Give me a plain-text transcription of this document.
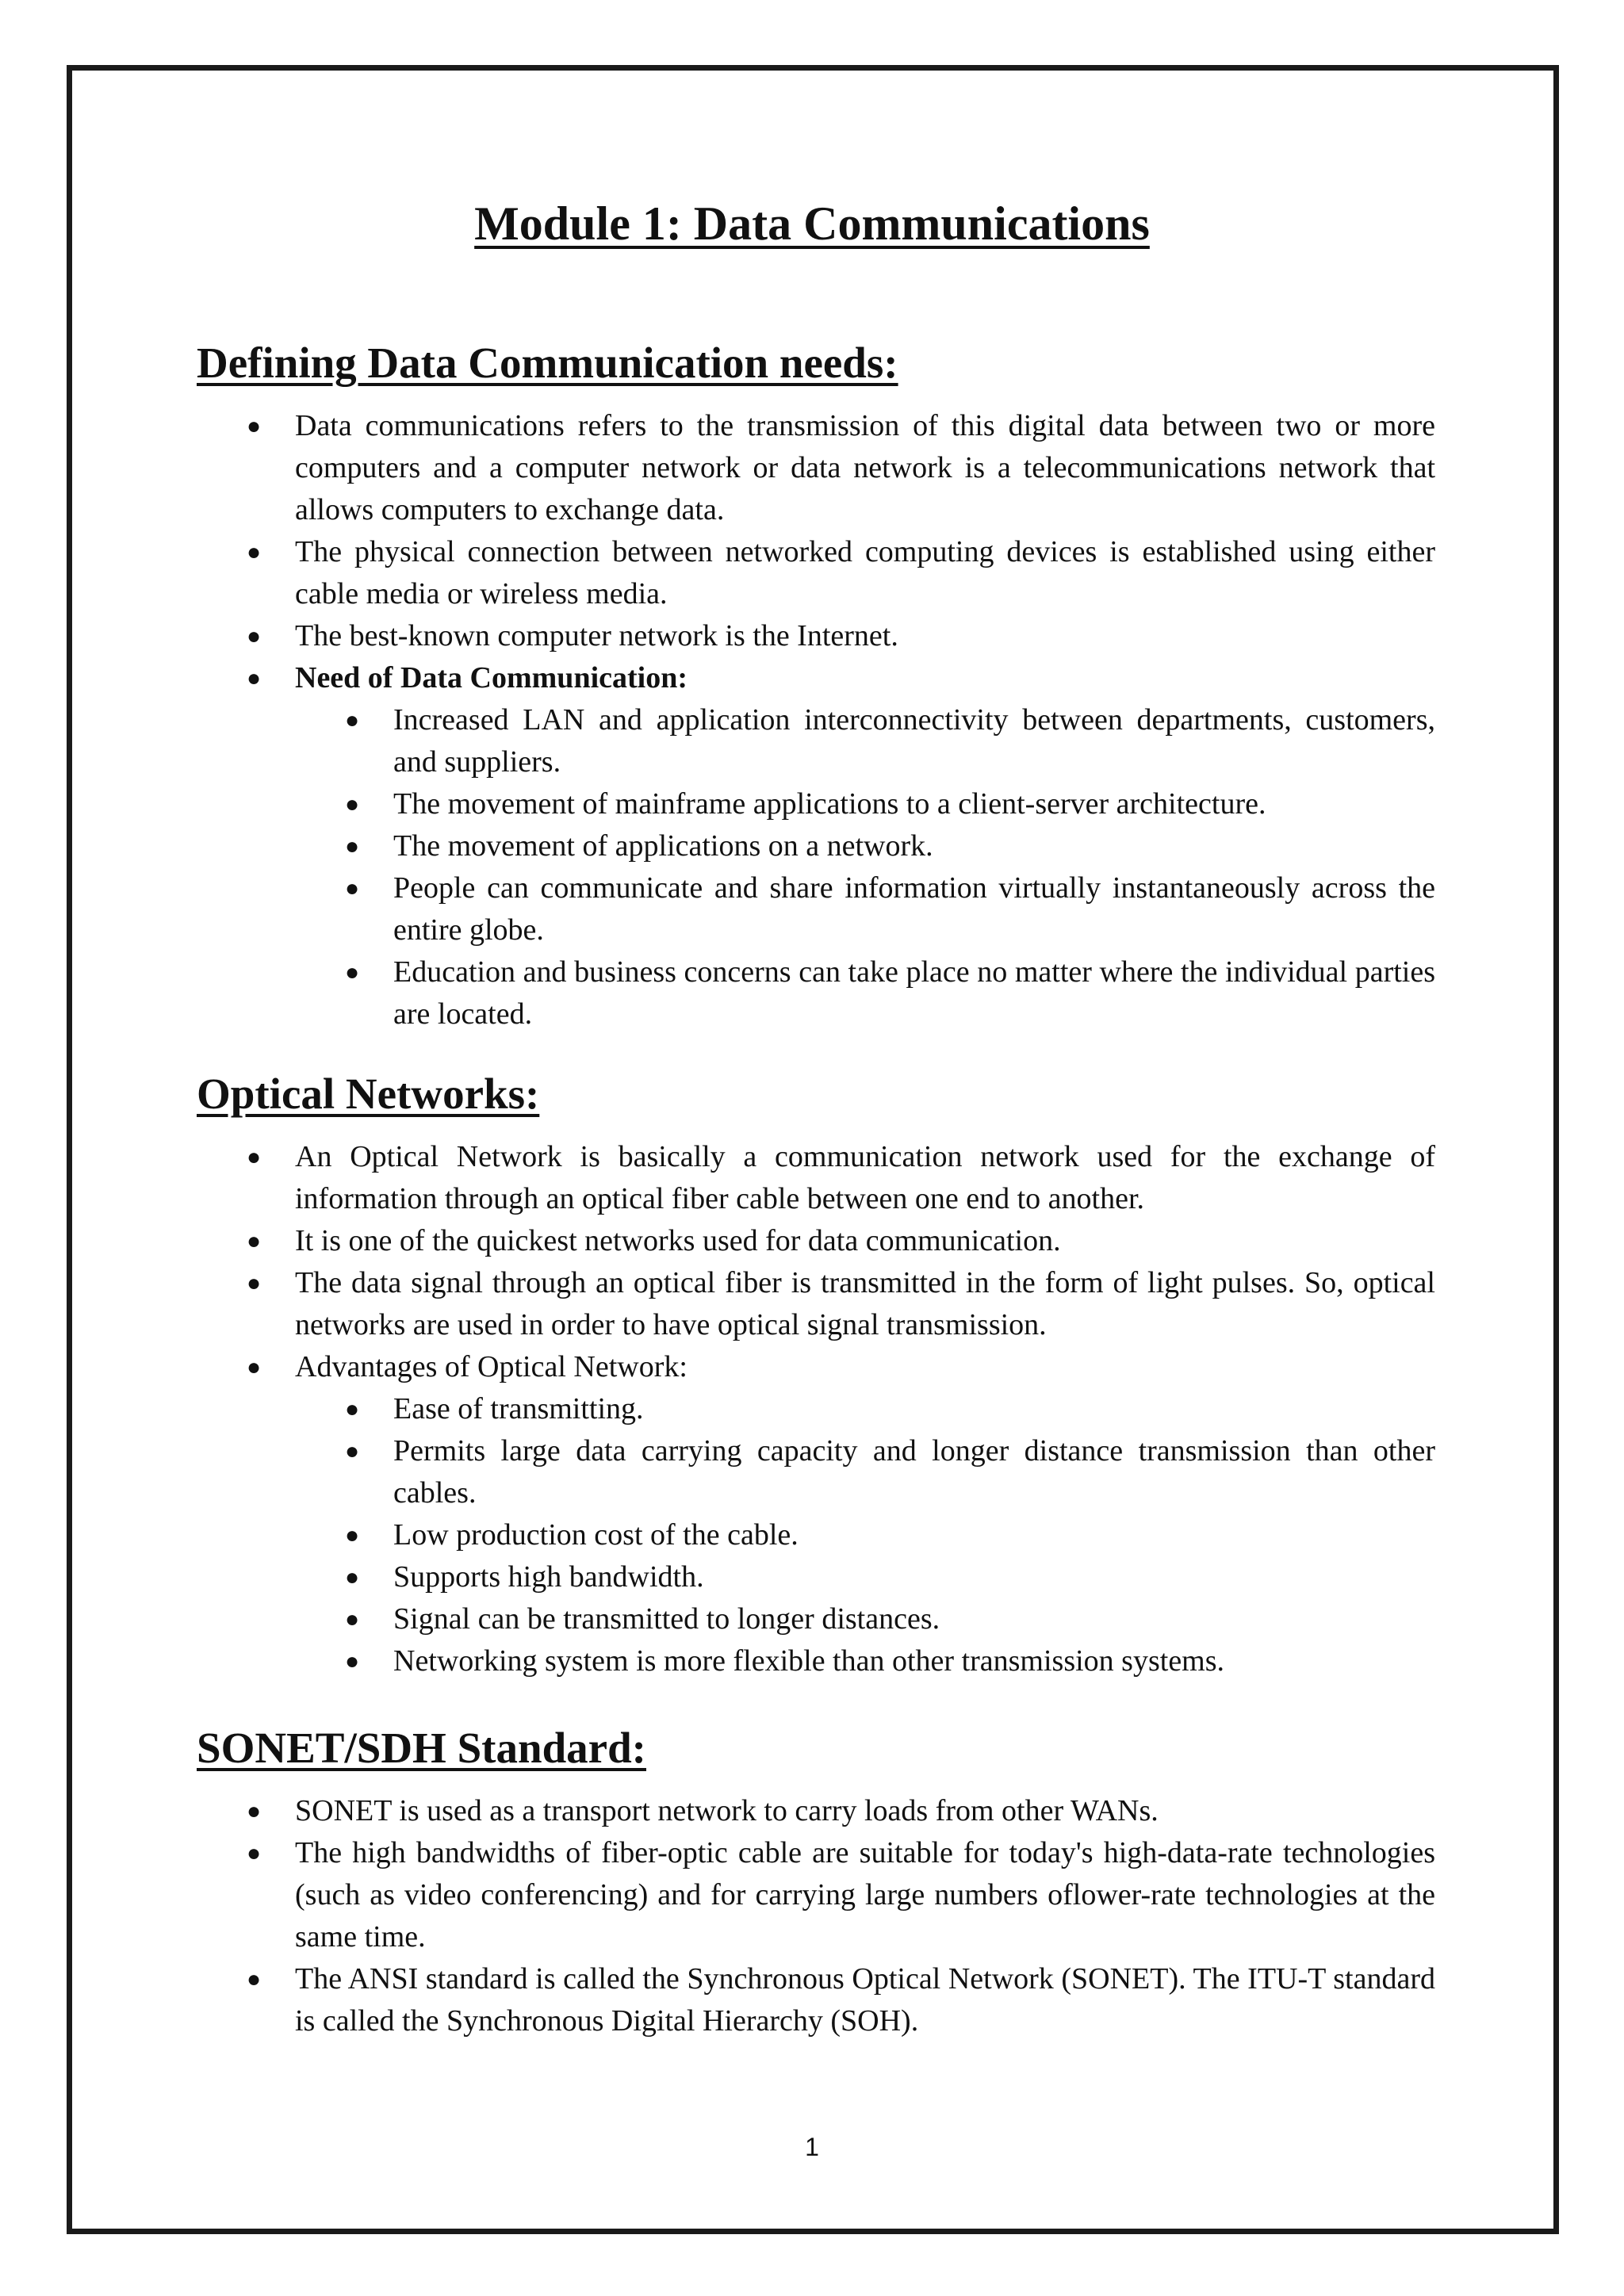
Module 1: Data Communications
Defining Data Communication needs:
● Data communications refers to the transmission of this digital data between two or more computers and a computer network or data network is a telecommunications network that allows computers to exchange data.
● The physical connection between networked computing devices is established using either cable media or wireless media.
● The best-known computer network is the Internet.
● Need of Data Communication:
● Increased LAN and application interconnectivity between departments, customers, and suppliers.
● The movement of mainframe applications to a client-server architecture.
● The movement of applications on a network.
● People can communicate and share information virtually instantaneously across the entire globe.
● Education and business concerns can take place no matter where the individual parties are located.
Optical Networks:
● An Optical Network is basically a communication network used for the exchange of information through an optical fiber cable between one end to another.
● It is one of the quickest networks used for data communication.
● The data signal through an optical fiber is transmitted in the form of light pulses. So, optical networks are used in order to have optical signal transmission.
● Advantages of Optical Network:
● Ease of transmitting.
● Permits large data carrying capacity and longer distance transmission than other cables.
● Low production cost of the cable.
● Supports high bandwidth.
● Signal can be transmitted to longer distances.
● Networking system is more flexible than other transmission systems.
SONET/SDH Standard:
● SONET is used as a transport network to carry loads from other WANs.
● The high bandwidths of fiber-optic cable are suitable for today's high-data-rate technologies (such as video conferencing) and for carrying large numbers oflower-rate technologies at the same time.
● The ANSI standard is called the Synchronous Optical Network (SONET). The ITU-T standard is called the Synchronous Digital Hierarchy (SOH).
1
